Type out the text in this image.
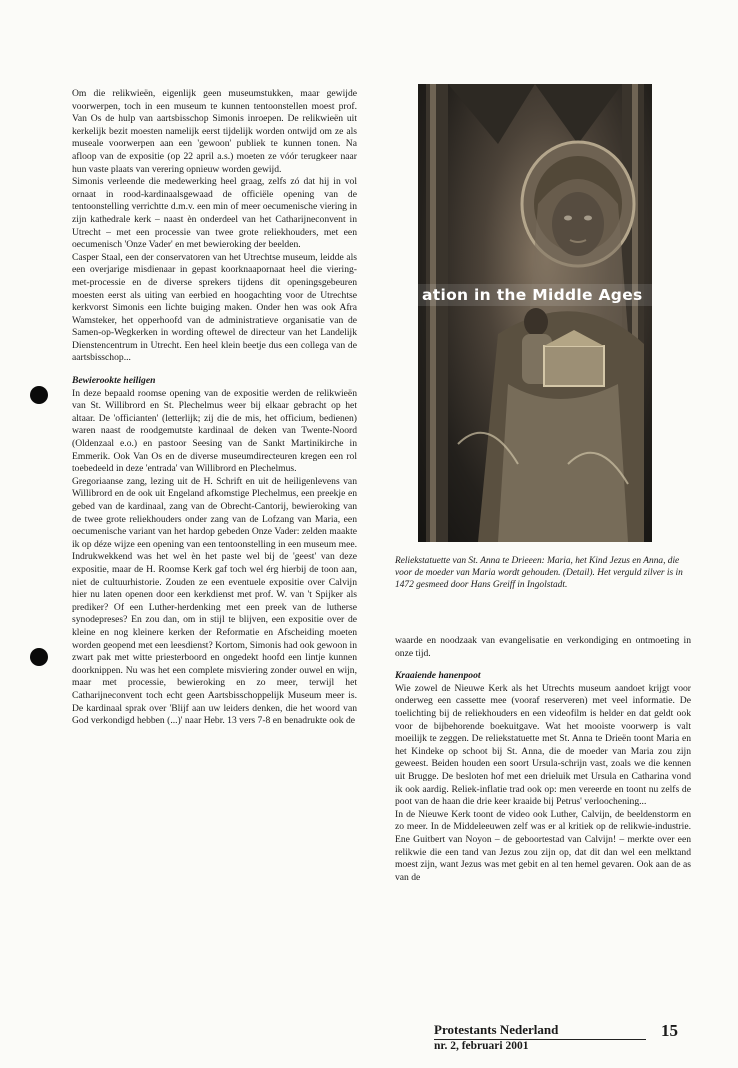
Om die relikwieën, eigenlijk geen museumstukken, maar gewijde voorwerpen, toch in een museum te kunnen tentoonstellen moest prof. Van Os de hulp van aartsbisschop Simonis inroepen. De relikwieën uit kerkelijk bezit moesten namelijk eerst tijdelijk worden ontwijd om ze als museale voorwerpen aan een 'gewoon' publiek te kunnen tonen. Na afloop van de expositie (op 22 april a.s.) moeten ze vóór terugkeer naar hun vaste plaats van verering opnieuw worden gewijd.

Simonis verleende die medewerking heel graag, zelfs zó dat hij in vol ornaat in rood-kardinaalsgewaad de officiële opening van de tentoonstelling verrichtte d.m.v. een min of meer oecumenische viering in zijn kathedrale kerk – naast èn onderdeel van het Catharijneconvent in Utrecht – met een processie van twee grote reliekhouders, met een oecumenisch 'Onze Vader' en met bewieroking der beelden.

Casper Staal, een der conservatoren van het Utrechtse museum, leidde als een overjarige misdienaar in gepast koorknaapornaat heel die viering-met-processie en de diverse sprekers tijdens dit openingsgebeuren moesten eerst als uiting van eerbied en hoogachting voor de Utrechtse kerkvorst Simonis een lichte buiging maken. Onder hen was ook Afra Wamsteker, het opperhoofd van de administratieve organisatie van de Samen-op-Wegkerken in wording oftewel de directeur van het Landelijk Dienstencentrum in Utrecht. Een heel klein beetje dus een collega van de aartsbisschop...

Bewierookte heiligen

In deze bepaald roomse opening van de expositie werden de relikwieën van St. Willibrord en St. Plechelmus weer bij elkaar gebracht op het altaar. De 'officianten' (letterlijk; zij die de mis, het officium, bedienen) waren naast de roodgemutste kardinaal de deken van Twente-Noord (Oldenzaal e.o.) en pastoor Seesing van de Sankt Martinikirche in Emmerik. Ook Van Os en de diverse museumdirecteuren kregen een rol toebedeeld in deze 'entrada' van Willibrord en Plechelmus.

Gregoriaanse zang, lezing uit de H. Schrift en uit de heiligenlevens van Willibrord en de ook uit Engeland afkomstige Plechelmus, een preekje en gebed van de kardinaal, zang van de Obrecht-Cantorij, bewieroking van de twee grote reliekhouders onder zang van de Lofzang van Maria, een oecumenische variant van het hardop gebeden Onze Vader: zelden maakte ik op déze wijze een opening van een tentoonstelling in een museum mee. Indrukwekkend was het wel èn het paste wel bij de 'geest' van deze expositie, maar de H. Roomse Kerk gaf toch wel érg hierbij de toon aan, niet de cultuurhistorie. Zouden ze een eventuele expositie over Calvijn hier nu laten openen door een kerkdienst met prof. W. van 't Spijker als prediker? Of een Luther-herdenking met een preek van de lutherse synodepreses? En zou dan, om in stijl te blijven, een expositie over de kleine en nog kleinere kerken der Reformatie en Afscheiding moeten worden geopend met een leesdienst? Kortom, Simonis had ook gewoon in zwart pak met witte priesterboord en ongedekt hoofd een lintje kunnen doorknippen. Nu was het een complete misviering zonder ouwel en wijn, maar met processie, bewieroking en zo meer, terwijl het Catharijneconvent toch echt geen Aartsbisschoppelijk Museum meer is. De kardinaal sprak over 'Blijf aan uw leiders denken, die het woord van God verkondigd hebben (...)' naar Hebr. 13 vers 7-8 en benadrukte ook de

ation in the Middle Ages
Reliekstatuette van St. Anna te Drieeen: Maria, het Kind Jezus en Anna, die voor de moeder van Maria wordt gehouden. (Detail). Het verguld zilver is in 1472 gesmeed door Hans Greiff in Ingolstadt.

waarde en noodzaak van evangelisatie en verkondiging en ontmoeting in onze tijd.

Kraaiende hanenpoot

Wie zowel de Nieuwe Kerk als het Utrechts museum aandoet krijgt voor onderweg een cassette mee (vooraf reserveren) met veel informatie. De toelichting bij de reliekhouders en een videofilm is helder en dat geldt ook voor de bijbehorende boekuitgave. Wat het mooiste voorwerp is valt moeilijk te zeggen. De reliekstatuette met St. Anna te Drieën toont Maria en het Kindeke op schoot bij St. Anna, die de moeder van Maria zou zijn geweest. Beiden houden een soort Ursula-schrijn vast, zoals we die kennen uit Brugge. De besloten hof met een drieluik met Ursula en Catharina vond ik ook aardig. Reliek-inflatie trad ook op: men vereerde en toont nu zelfs de poot van de haan die drie keer kraaide bij Petrus' verloochening...

In de Nieuwe Kerk toont de video ook Luther, Calvijn, de beeldenstorm en zo meer. In de Middeleeuwen zelf was er al kritiek op de relikwie-industrie. Ene Guitbert van Noyon – de geboortestad van Calvijn! – merkte over een relikwie die een tand van Jezus zou zijn op, dat dit dan wel een melktand moest zijn, want Jezus was met gebit en al ten hemel gevaren. Ook aan de as van de

Protestants Nederland
nr. 2, februari 2001
15
